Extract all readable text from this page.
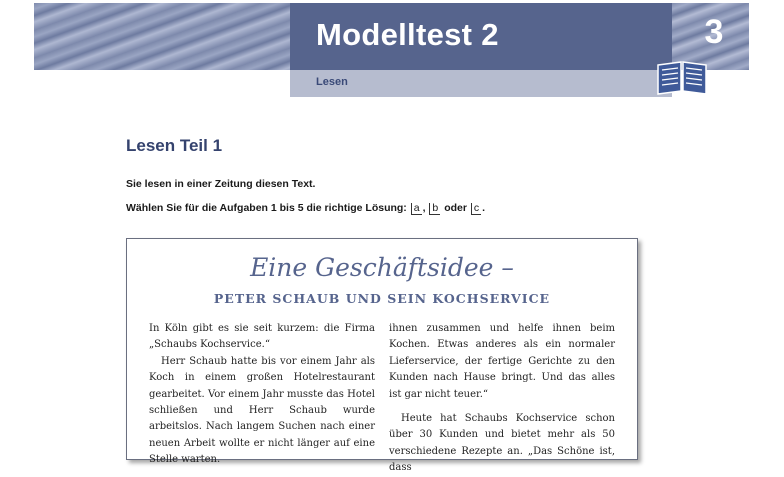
Modelltest 2
Lesen
3
Lesen Teil 1
Sie lesen in einer Zeitung diesen Text.
Wählen Sie für die Aufgaben 1 bis 5 die richtige Lösung: a , b oder c .
Eine Geschäftsidee –
PETER SCHAUB UND SEIN KOCHSERVICE

In Köln gibt es sie seit kurzem: die Firma „Schaubs Kochservice.“

Herr Schaub hatte bis vor einem Jahr als Koch in einem großen Hotelrestaurant gearbeitet. Vor einem Jahr musste das Hotel schließen und Herr Schaub wurde arbeitslos. Nach langem Suchen nach einer neuen Arbeit wollte er nicht länger auf eine Stelle warten.

ihnen zusammen und helfe ihnen beim Kochen. Etwas anderes als ein normaler Lieferservice, der fertige Gerichte zu den Kunden nach Hause bringt. Und das alles ist gar nicht teuer.“

Heute hat Schaubs Kochservice schon über 30 Kunden und bietet mehr als 50 verschiedene Rezepte an. „Das Schöne ist, dass
